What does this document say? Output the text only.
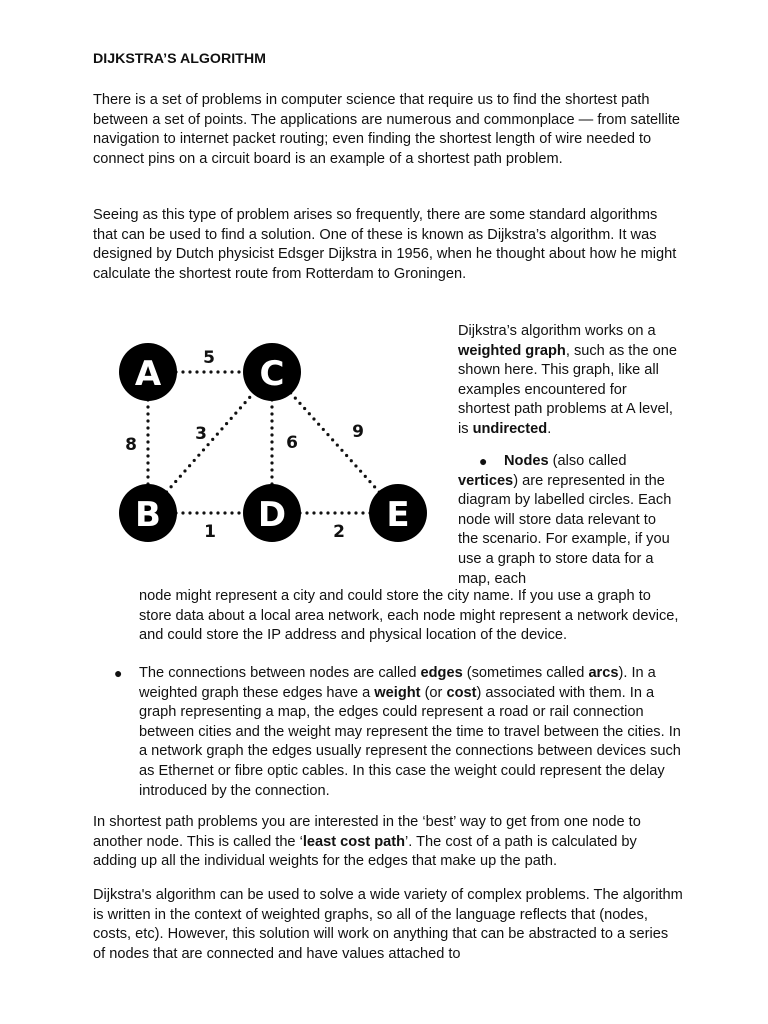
DIJKSTRA’S ALGORITHM

There is a set of problems in computer science that require us to find the shortest path between a set of points. The applications are numerous and commonplace — from satellite navigation to internet packet routing; even finding the shortest length of wire needed to connect pins on a circuit board is an example of a shortest path problem.

Seeing as this type of problem arises so frequently, there are some standard algorithms that can be used to find a solution. One of these is known as Dijkstra’s algorithm. It was designed by Dutch physicist Edsger Dijkstra in 1956, when he thought about how he might calculate the shortest route from Rotterdam to Groningen.

5
8
3	6
9
1	2
A	C
B	D	E

Dijkstra’s algorithm works on a weighted graph, such as the one shown here. This graph, like all examples encountered for shortest path problems at A level, is undirected.

●	Nodes (also called vertices) are represented in the diagram by labelled circles. Each node will store data relevant to the scenario. For example, if you use a graph to store data for a map, each

node might represent a city and could store the city name. If you use a graph to store data about a local area network, each node might represent a network device, and could store the IP address and physical location of the device.

● The connections between nodes are called edges (sometimes called arcs). In a weighted graph these edges have a weight (or cost) associated with them. In a graph representing a map, the edges could represent a road or rail connection between cities and the weight may represent the time to travel between the cities. In a network graph the edges usually represent the connections between devices such as Ethernet or fibre optic cables. In this case the weight could represent the delay introduced by the connection.

In shortest path problems you are interested in the ‘best’ way to get from one node to another node. This is called the ‘least cost path’. The cost of a path is calculated by adding up all the individual weights for the edges that make up the path.

Dijkstra's algorithm can be used to solve a wide variety of complex problems. The algorithm is written in the context of weighted graphs, so all of the language reflects that (nodes, costs, etc). However, this solution will work on anything that can be abstracted to a series of nodes that are connected and have values attached to
